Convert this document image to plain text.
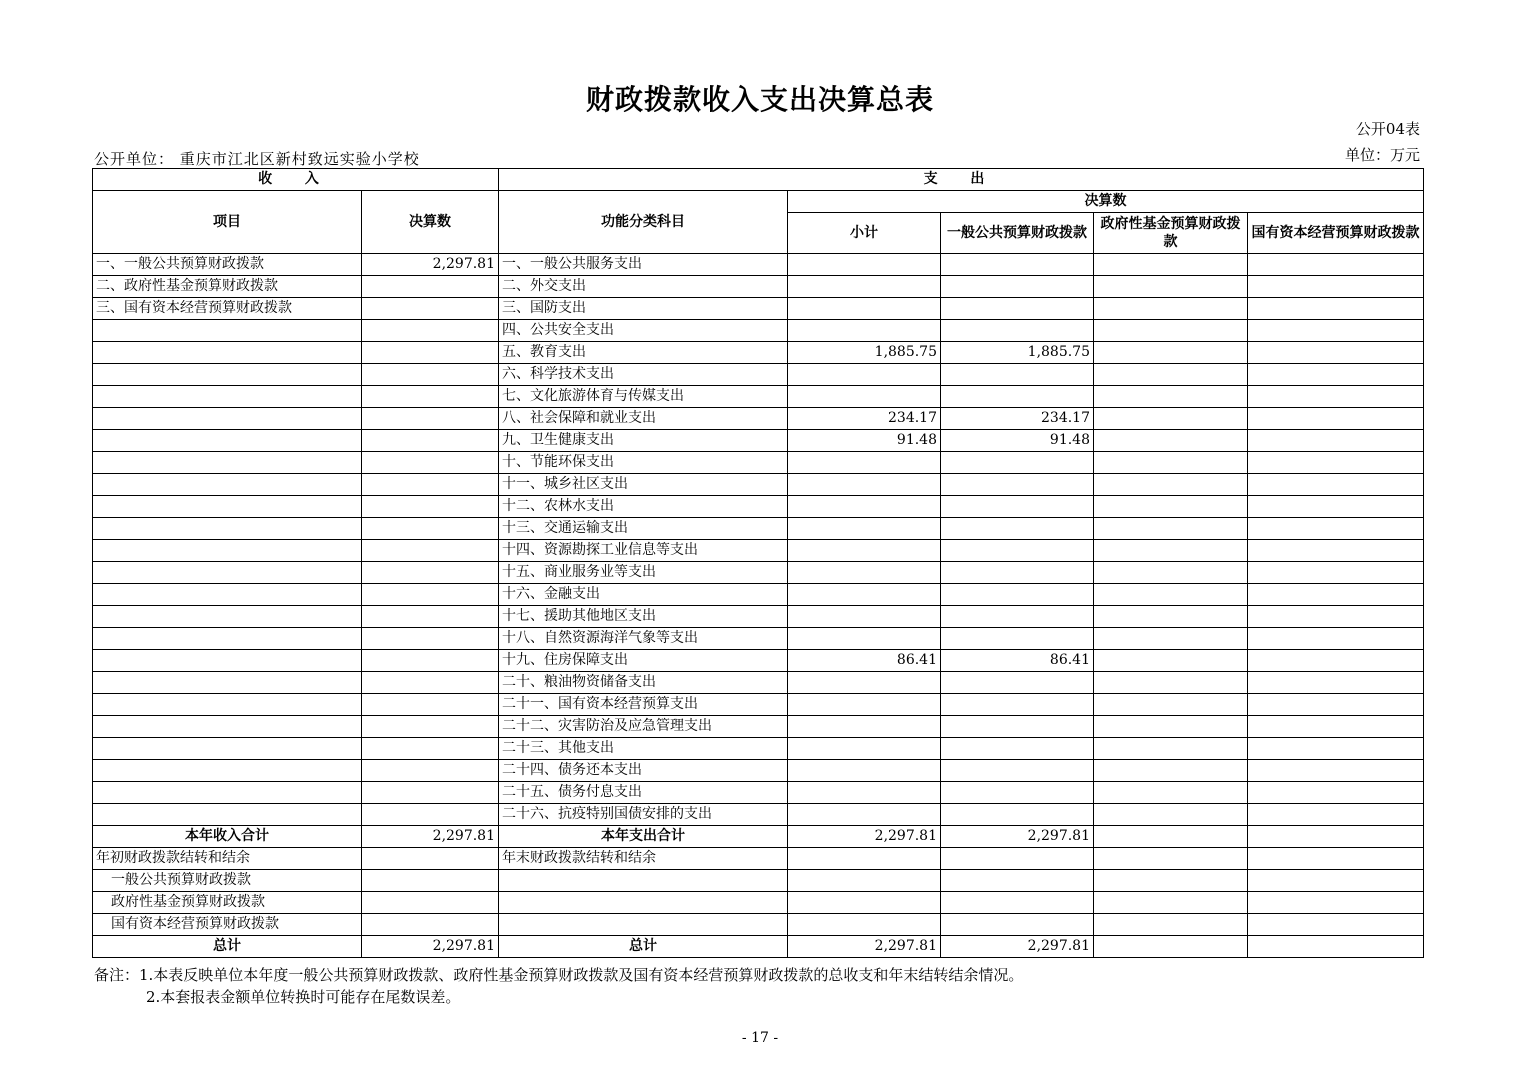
财政拨款收入支出决算总表
公开04表
公开单位： 重庆市江北区新村致远实验小学校	单位：万元
收 入		支 出				
项目	决算数	功能分类科目	决算数			
			小计	一般公共预算财政拨款	政府性基金预算财政拨款	国有资本经营预算财政拨款
一、一般公共预算财政拨款	2,297.81	一、一般公共服务支出				
二、政府性基金预算财政拨款		二、外交支出				
三、国有资本经营预算财政拨款		三、国防支出				
		四、公共安全支出				
		五、教育支出	1,885.75	1,885.75		
		六、科学技术支出				
		七、文化旅游体育与传媒支出				
		八、社会保障和就业支出	234.17	234.17		
		九、卫生健康支出	91.48	91.48		
		十、节能环保支出				
		十一、城乡社区支出				
		十二、农林水支出				
		十三、交通运输支出				
		十四、资源勘探工业信息等支出				
		十五、商业服务业等支出				
		十六、金融支出				
		十七、援助其他地区支出				
		十八、自然资源海洋气象等支出				
		十九、住房保障支出	86.41	86.41		
		二十、粮油物资储备支出				
		二十一、国有资本经营预算支出				
		二十二、灾害防治及应急管理支出				
		二十三、其他支出				
		二十四、债务还本支出				
		二十五、债务付息支出				
		二十六、抗疫特别国债安排的支出				
本年收入合计	2,297.81	本年支出合计	2,297.81	2,297.81		
年初财政拨款结转和结余		年末财政拨款结转和结余				
一般公共预算财政拨款						
政府性基金预算财政拨款						
国有资本经营预算财政拨款						
总计	2,297.81	总计	2,297.81	2,297.81		
备注：1.本表反映单位本年度一般公共预算财政拨款、政府性基金预算财政拨款及国有资本经营预算财政拨款的总收支和年末结转结余情况。
2.本套报表金额单位转换时可能存在尾数误差。
- 17 -
